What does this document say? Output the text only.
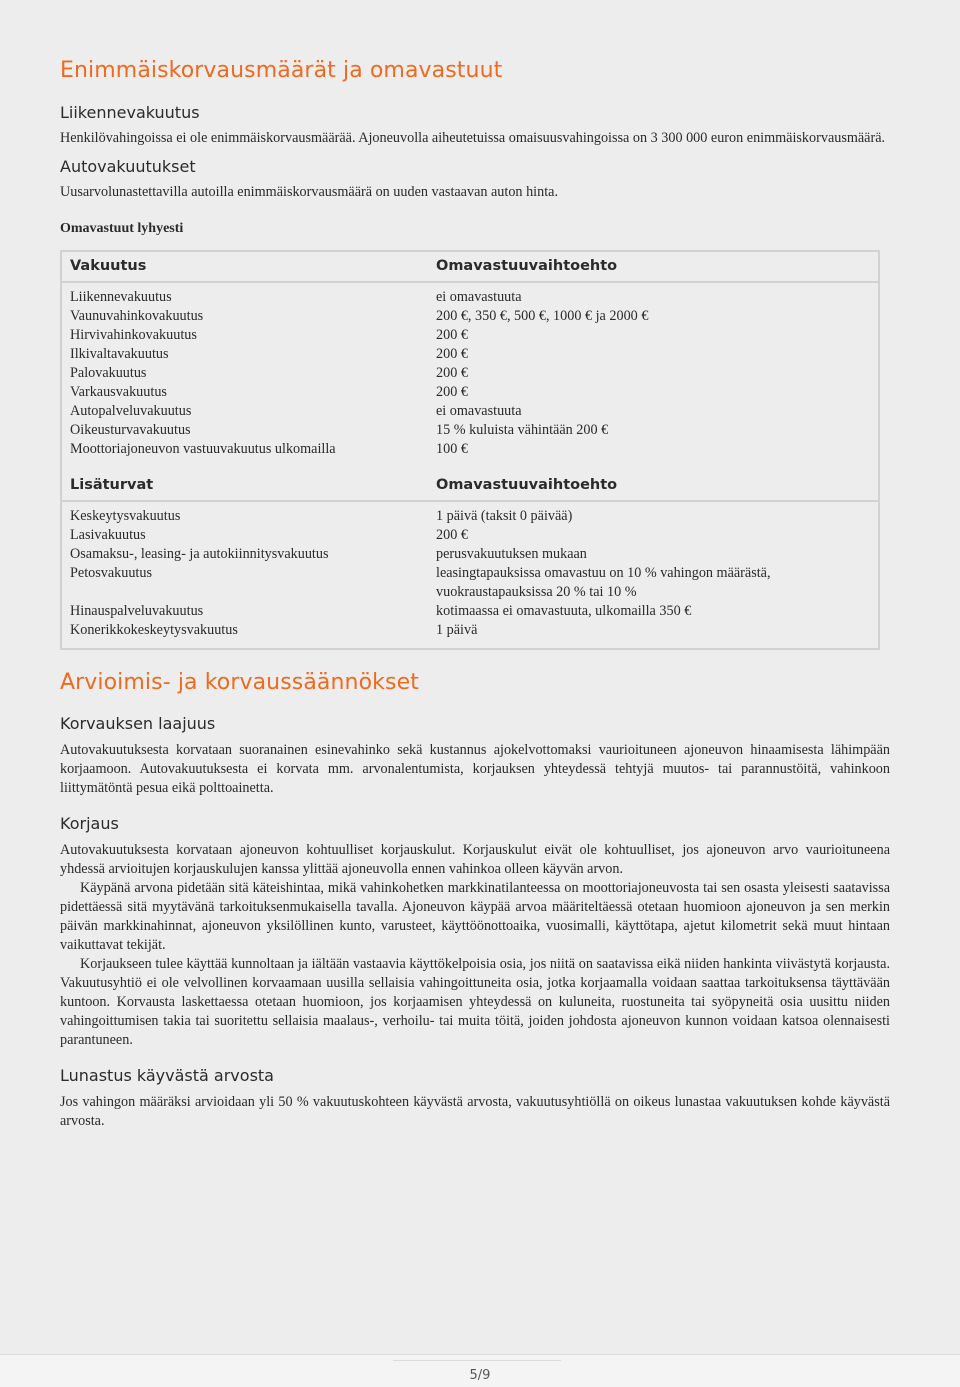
Enimmäiskorvausmäärät ja omavastuut
Liikennevakuutus

Henkilövahingoissa ei ole enimmäiskorvausmäärää. Ajoneuvolla aiheutetuissa omaisuusvahingoissa on 3 300 000 euron enimmäiskorvausmäärä.

Autovakuutukset

Uusarvolunastettavilla autoilla enimmäiskorvausmäärä on uuden vastaavan auton hinta.

Omavastuut lyhyesti

Vakuutus	Omavastuuvaihtoehto
Liikennevakuutus	ei omavastuuta
Vaunuvahinkovakuutus	200 €, 350 €, 500 €, 1000 € ja 2000 €
Hirvivahinkovakuutus	200 €
Ilkivaltavakuutus	200 €
Palovakuutus	200 €
Varkausvakuutus	200 €
Autopalveluvakuutus	ei omavastuuta
Oikeusturvavakuutus	15 % kuluista vähintään 200 €
Moottoriajoneuvon vastuuvakuutus ulkomailla	100 €
Lisäturvat	Omavastuuvaihtoehto
Keskeytysvakuutus	1 päivä (taksit 0 päivää)
Lasivakuutus	200 €
Osamaksu-, leasing- ja autokiinnitysvakuutus	perusvakuutuksen mukaan
Petosvakuutus	leasingtapauksissa omavastuu on 10 % vahingon määrästä,
vuokraustapauksissa 20 % tai 10 %
Hinauspalveluvakuutus	kotimaassa ei omavastuuta, ulkomailla 350 €
Konerikkokeskeytysvakuutus	1 päivä
Arvioimis- ja korvaussäännökset
Korvauksen laajuus

Autovakuutuksesta korvataan suoranainen esinevahinko sekä kustannus ajokelvottomaksi vaurioituneen ajoneuvon hinaamisesta lähimpään korjaamoon. Autovakuutuksesta ei korvata mm. arvonalentumista, korjauksen yhteydessä tehtyjä muutos- tai parannustöitä, vahinkoon liittymätöntä pesua eikä polttoainetta.

Korjaus

Autovakuutuksesta korvataan ajoneuvon kohtuulliset korjauskulut. Korjauskulut eivät ole kohtuulliset, jos ajoneuvon arvo vaurioituneena yhdessä arvioitujen korjauskulujen kanssa ylittää ajoneuvolla ennen vahinkoa olleen käyvän arvon.

Käypänä arvona pidetään sitä käteishintaa, mikä vahinkohetken markkinatilanteessa on moottoriajoneuvosta tai sen osasta yleisesti saatavissa pidettäessä sitä myytävänä tarkoituksenmukaisella tavalla. Ajoneuvon käypää arvoa määriteltäessä otetaan huomioon ajoneuvon ja sen merkin päivän markkinahinnat, ajoneuvon yksilöllinen kunto, varusteet, käyttöönottoaika, vuosimalli, käyttötapa, ajetut kilometrit sekä muut hintaan vaikuttavat tekijät.

Korjaukseen tulee käyttää kunnoltaan ja iältään vastaavia käyttökelpoisia osia, jos niitä on saatavissa eikä niiden hankinta viivästytä korjausta. Vakuutusyhtiö ei ole velvollinen korvaamaan uusilla sellaisia vahingoittuneita osia, jotka korjaamalla voidaan saattaa tarkoituksensa täyttävään kuntoon. Korvausta laskettaessa otetaan huomioon, jos korjaamisen yhteydessä on kuluneita, ruostuneita tai syöpyneitä osia uusittu niiden vahingoittumisen takia tai suoritettu sellaisia maalaus-, verhoilu- tai muita töitä, joiden johdosta ajoneuvon kunnon voidaan katsoa olennaisesti parantuneen.

Lunastus käyvästä arvosta

Jos vahingon määräksi arvioidaan yli 50 % vakuutuskohteen käyvästä arvosta, vakuutusyhtiöllä on oikeus lunastaa vakuutuksen kohde käyvästä arvosta.

5/9
